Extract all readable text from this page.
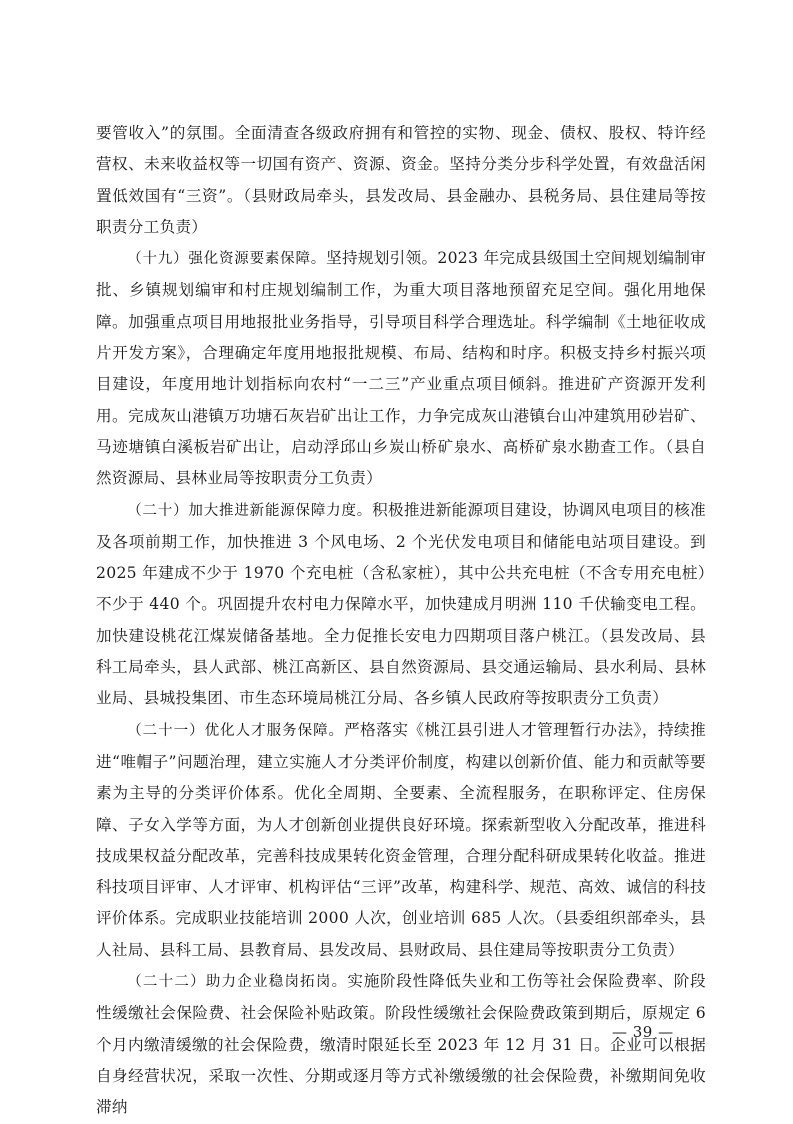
要管收入”的氛围。全面清查各级政府拥有和管控的实物、现金、债权、股权、特许经营权、未来收益权等一切国有资产、资源、资金。坚持分类分步科学处置，有效盘活闲置低效国有“三资”。（县财政局牵头，县发改局、县金融办、县税务局、县住建局等按职责分工负责）

（十九）强化资源要素保障。坚持规划引领。2023 年完成县级国土空间规划编制审批、乡镇规划编审和村庄规划编制工作，为重大项目落地预留充足空间。强化用地保障。加强重点项目用地报批业务指导，引导项目科学合理选址。科学编制《土地征收成片开发方案》，合理确定年度用地报批规模、布局、结构和时序。积极支持乡村振兴项目建设，年度用地计划指标向农村“一二三”产业重点项目倾斜。推进矿产资源开发利用。完成灰山港镇万功塘石灰岩矿出让工作，力争完成灰山港镇台山冲建筑用砂岩矿、马迹塘镇白溪板岩矿出让，启动浮邱山乡炭山桥矿泉水、高桥矿泉水勘查工作。（县自然资源局、县林业局等按职责分工负责）

（二十）加大推进新能源保障力度。积极推进新能源项目建设，协调风电项目的核准及各项前期工作，加快推进 3 个风电场、2 个光伏发电项目和储能电站项目建设。到 2025 年建成不少于 1970 个充电桩（含私家桩），其中公共充电桩（不含专用充电桩）不少于 440 个。巩固提升农村电力保障水平，加快建成月明洲 110 千伏输变电工程。加快建设桃花江煤炭储备基地。全力促推长安电力四期项目落户桃江。（县发改局、县科工局牵头，县人武部、桃江高新区、县自然资源局、县交通运输局、县水利局、县林业局、县城投集团、市生态环境局桃江分局、各乡镇人民政府等按职责分工负责）

（二十一）优化人才服务保障。严格落实《桃江县引进人才管理暂行办法》，持续推进“唯帽子”问题治理，建立实施人才分类评价制度，构建以创新价值、能力和贡献等要素为主导的分类评价体系。优化全周期、全要素、全流程服务，在职称评定、住房保障、子女入学等方面，为人才创新创业提供良好环境。探索新型收入分配改革，推进科技成果权益分配改革，完善科技成果转化资金管理，合理分配科研成果转化收益。推进科技项目评审、人才评审、机构评估“三评”改革，构建科学、规范、高效、诚信的科技评价体系。完成职业技能培训 2000 人次，创业培训 685 人次。（县委组织部牵头，县人社局、县科工局、县教育局、县发改局、县财政局、县住建局等按职责分工负责）

（二十二）助力企业稳岗拓岗。实施阶段性降低失业和工伤等社会保险费率、阶段性缓缴社会保险费、社会保险补贴政策。阶段性缓缴社会保险费政策到期后，原规定 6 个月内缴清缓缴的社会保险费，缴清时限延长至 2023 年 12 月 31 日。企业可以根据自身经营状况，采取一次性、分期或逐月等方式补缴缓缴的社会保险费，补缴期间免收滞纳

— 39 —
